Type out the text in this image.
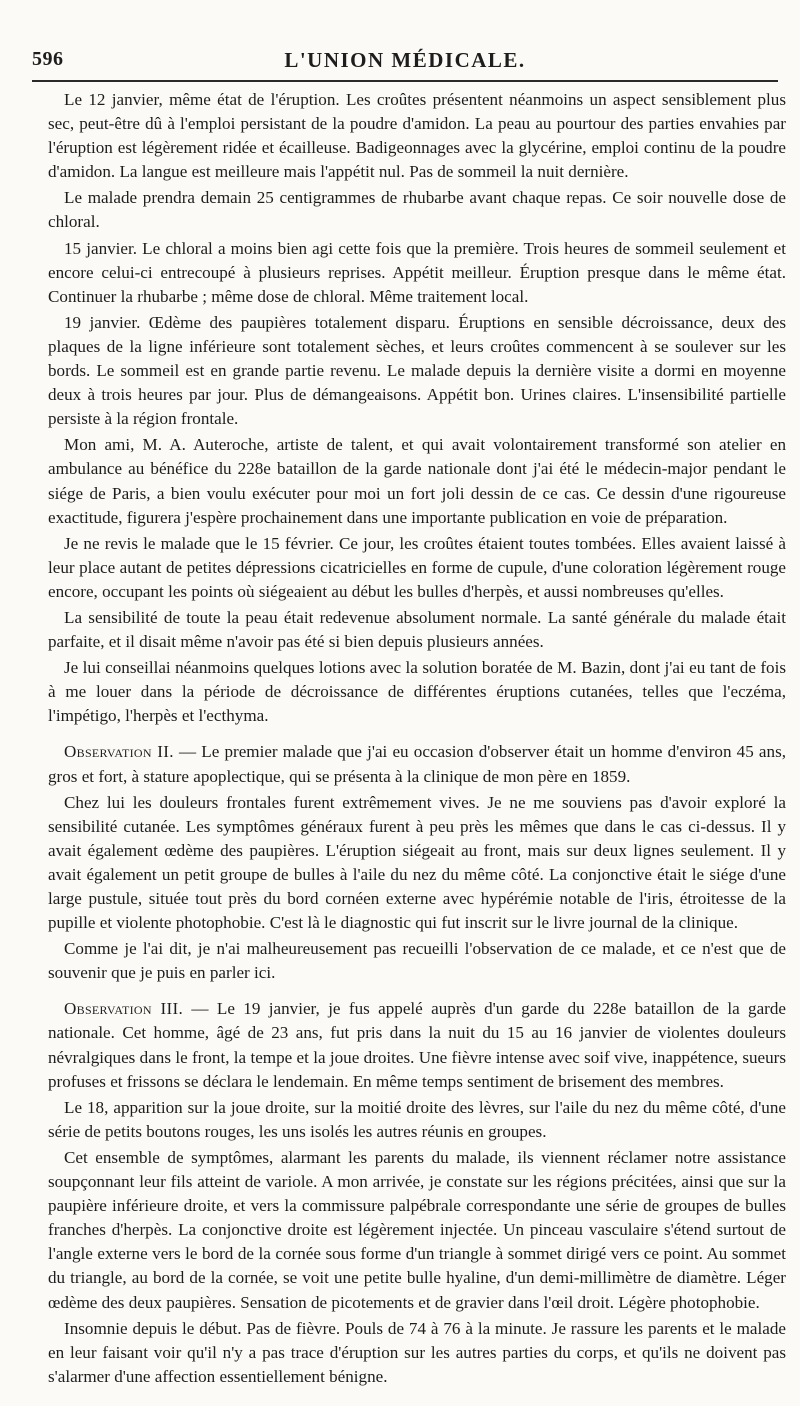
596	L'UNION MÉDICALE.

Le 12 janvier, même état de l'éruption. Les croûtes présentent néanmoins un aspect sensiblement plus sec, peut-être dû à l'emploi persistant de la poudre d'amidon. La peau au pourtour des parties envahies par l'éruption est légèrement ridée et écailleuse. Badigeonnages avec la glycérine, emploi continu de la poudre d'amidon. La langue est meilleure mais l'appétit nul. Pas de sommeil la nuit dernière.

Le malade prendra demain 25 centigrammes de rhubarbe avant chaque repas. Ce soir nouvelle dose de chloral.

15 janvier. Le chloral a moins bien agi cette fois que la première. Trois heures de sommeil seulement et encore celui-ci entrecoupé à plusieurs reprises. Appétit meilleur. Éruption presque dans le même état. Continuer la rhubarbe ; même dose de chloral. Même traitement local.

19 janvier. Œdème des paupières totalement disparu. Éruptions en sensible décroissance, deux des plaques de la ligne inférieure sont totalement sèches, et leurs croûtes commencent à se soulever sur les bords. Le sommeil est en grande partie revenu. Le malade depuis la dernière visite a dormi en moyenne deux à trois heures par jour. Plus de démangeaisons. Appétit bon. Urines claires. L'insensibilité partielle persiste à la région frontale.

Mon ami, M. A. Auteroche, artiste de talent, et qui avait volontairement transformé son atelier en ambulance au bénéfice du 228e bataillon de la garde nationale dont j'ai été le médecin-major pendant le siége de Paris, a bien voulu exécuter pour moi un fort joli dessin de ce cas. Ce dessin d'une rigoureuse exactitude, figurera j'espère prochainement dans une importante publication en voie de préparation.

Je ne revis le malade que le 15 février. Ce jour, les croûtes étaient toutes tombées. Elles avaient laissé à leur place autant de petites dépressions cicatricielles en forme de cupule, d'une coloration légèrement rouge encore, occupant les points où siégeaient au début les bulles d'herpès, et aussi nombreuses qu'elles.

La sensibilité de toute la peau était redevenue absolument normale. La santé générale du malade était parfaite, et il disait même n'avoir pas été si bien depuis plusieurs années.

Je lui conseillai néanmoins quelques lotions avec la solution boratée de M. Bazin, dont j'ai eu tant de fois à me louer dans la période de décroissance de différentes éruptions cutanées, telles que l'eczéma, l'impétigo, l'herpès et l'ecthyma.

Observation II. — Le premier malade que j'ai eu occasion d'observer était un homme d'environ 45 ans, gros et fort, à stature apoplectique, qui se présenta à la clinique de mon père en 1859.

Chez lui les douleurs frontales furent extrêmement vives. Je ne me souviens pas d'avoir exploré la sensibilité cutanée. Les symptômes généraux furent à peu près les mêmes que dans le cas ci-dessus. Il y avait également œdème des paupières. L'éruption siégeait au front, mais sur deux lignes seulement. Il y avait également un petit groupe de bulles à l'aile du nez du même côté. La conjonctive était le siége d'une large pustule, située tout près du bord cornéen externe avec hypérémie notable de l'iris, étroitesse de la pupille et violente photophobie. C'est là le diagnostic qui fut inscrit sur le livre journal de la clinique.

Comme je l'ai dit, je n'ai malheureusement pas recueilli l'observation de ce malade, et ce n'est que de souvenir que je puis en parler ici.

Observation III. — Le 19 janvier, je fus appelé auprès d'un garde du 228e bataillon de la garde nationale. Cet homme, âgé de 23 ans, fut pris dans la nuit du 15 au 16 janvier de violentes douleurs névralgiques dans le front, la tempe et la joue droites. Une fièvre intense avec soif vive, inappétence, sueurs profuses et frissons se déclara le lendemain. En même temps sentiment de brisement des membres.

Le 18, apparition sur la joue droite, sur la moitié droite des lèvres, sur l'aile du nez du même côté, d'une série de petits boutons rouges, les uns isolés les autres réunis en groupes.

Cet ensemble de symptômes, alarmant les parents du malade, ils viennent réclamer notre assistance soupçonnant leur fils atteint de variole. A mon arrivée, je constate sur les régions précitées, ainsi que sur la paupière inférieure droite, et vers la commissure palpébrale correspondante une série de groupes de bulles franches d'herpès. La conjonctive droite est légèrement injectée. Un pinceau vasculaire s'étend surtout de l'angle externe vers le bord de la cornée sous forme d'un triangle à sommet dirigé vers ce point. Au sommet du triangle, au bord de la cornée, se voit une petite bulle hyaline, d'un demi-millimètre de diamètre. Léger œdème des deux paupières. Sensation de picotements et de gravier dans l'œil droit. Légère photophobie.

Insomnie depuis le début. Pas de fièvre. Pouls de 74 à 76 à la minute. Je rassure les parents et le malade en leur faisant voir qu'il n'y a pas trace d'éruption sur les autres parties du corps, et qu'ils ne doivent pas s'alarmer d'une affection essentiellement bénigne.
